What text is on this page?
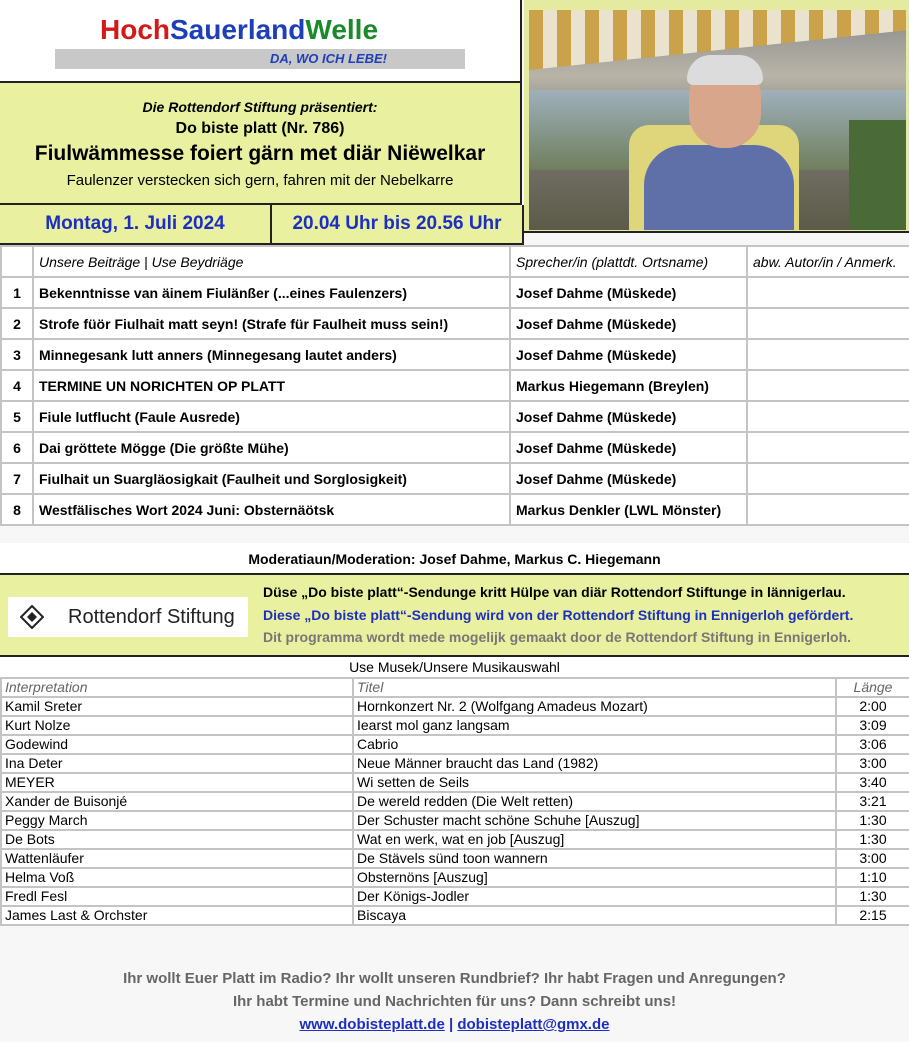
HochSauerlandWelle
DA, WO ICH LEBE!
Die Rottendorf Stiftung präsentiert:
Do biste platt (Nr. 786)
Fiulwämmesse foiert gärn met diär Niëwelkar
Faulenzer verstecken sich gern, fahren mit der Nebelkarre
Montag, 1. Juli 2024	20.04 Uhr bis 20.56 Uhr
	Unsere Beiträge | Use Beydriäge	Sprecher/in (plattdt. Ortsname)	abw. Autor/in / Anmerk.
1	Bekenntnisse van äinem Fiulänßer (...eines Faulenzers)	Josef Dahme (Müskede)	
2	Strofe füör Fiulhait matt seyn! (Strafe für Faulheit muss sein!)	Josef Dahme (Müskede)	
3	Minnegesank lutt anners (Minnegesang lautet anders)	Josef Dahme (Müskede)	
4	TERMINE UN NORICHTEN OP PLATT	Markus Hiegemann (Breylen)	
5	Fiule lutflucht (Faule Ausrede)	Josef Dahme (Müskede)	
6	Dai gröttete Mögge (Die größte Mühe)	Josef Dahme (Müskede)	
7	Fiulhait un Suargläosigkait (Faulheit und Sorglosigkeit)	Josef Dahme (Müskede)	
8	Westfälisches Wort 2024 Juni: Obsternäötsk	Markus Denkler (LWL Mönster)	
Moderatiaun/Moderation: Josef Dahme, Markus C. Hiegemann
Rottendorf Stiftung
Düse „Do biste platt“-Sendunge kritt Hülpe van diär Rottendorf Stiftunge in lännigerlau.
Diese „Do biste platt“-Sendung wird von der Rottendorf Stiftung in Ennigerloh gefördert.
Dit programma wordt mede mogelijk gemaakt door de Rottendorf Stiftung in Ennigerloh.
Use Musek/Unsere Musikauswahl
Interpretation	Titel	Länge
Kamil Sreter	Hornkonzert Nr. 2 (Wolfgang Amadeus Mozart)	2:00
Kurt Nolze	Iearst mol ganz langsam	3:09
Godewind	Cabrio	3:06
Ina Deter	Neue Männer braucht das Land (1982)	3:00
MEYER	Wi setten de Seils	3:40
Xander de Buisonjé	De wereld redden (Die Welt retten)	3:21
Peggy March	Der Schuster macht schöne Schuhe [Auszug]	1:30
De Bots	Wat en werk, wat en job [Auszug]	1:30
Wattenläufer	De Stävels sünd toon wannern	3:00
Helma Voß	Obsternöns [Auszug]	1:10
Fredl Fesl	Der Königs-Jodler	1:30
James Last & Orchster	Biscaya	2:15
Ihr wollt Euer Platt im Radio? Ihr wollt unseren Rundbrief? Ihr habt Fragen und Anregungen?
Ihr habt Termine und Nachrichten für uns? Dann schreibt uns!
www.dobisteplatt.de | dobisteplatt@gmx.de
